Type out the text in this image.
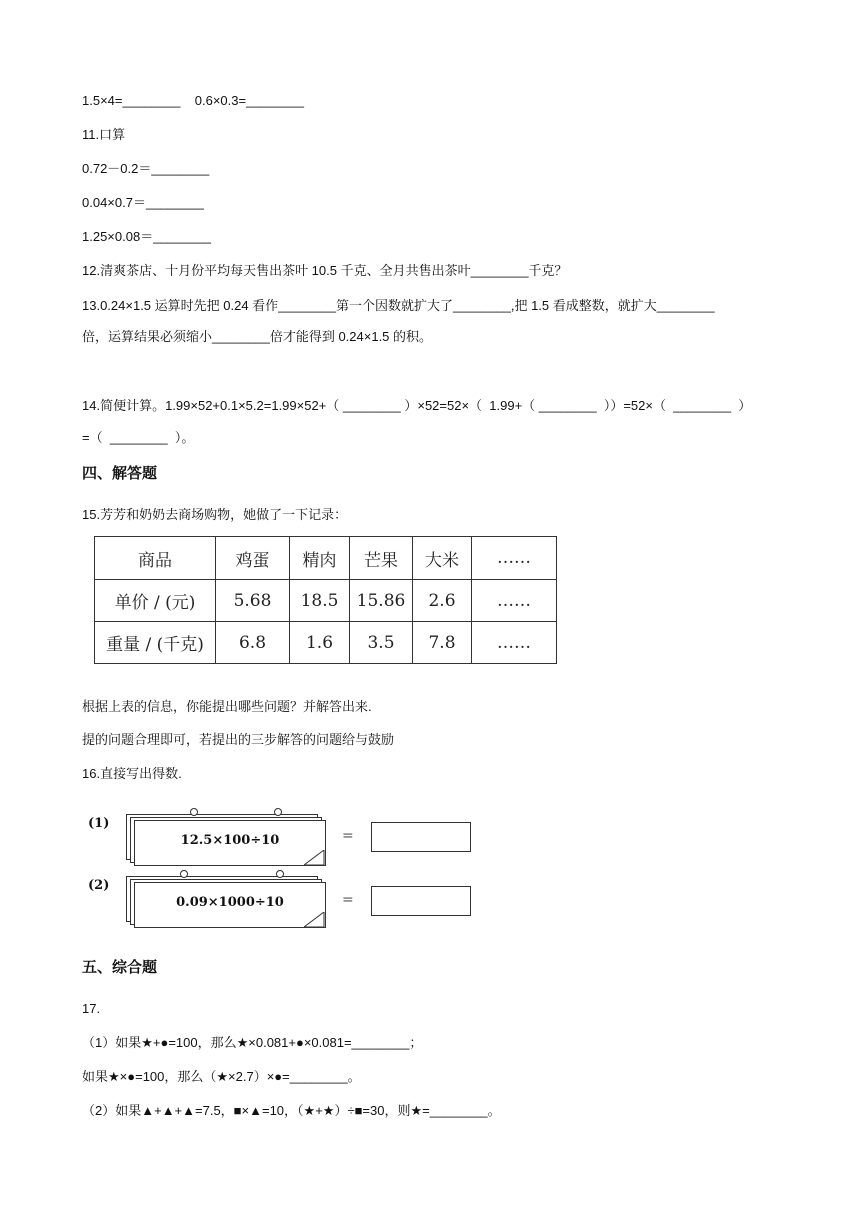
1.5×4=________    0.6×0.3=________
11.口算
0.72－0.2＝________
0.04×0.7＝________
1.25×0.08＝________
12.清爽茶店、十月份平均每天售出茶叶 10.5 千克、全月共售出茶叶________千克？
13.0.24×1.5 运算时先把 0.24 看作________第一个因数就扩大了________,把 1.5 看成整数，就扩大________
倍，运算结果必须缩小________倍才能得到 0.24×1.5 的积。
14.简便计算。1.99×52+0.1×5.2=1.99×52+（ ________ ）×52=52×（  1.99+（ ________  ））=52×（  ________  ）
=（  ________  ）。
四、解答题
15.芳芳和奶奶去商场购物，她做了一下记录：
商品	鸡蛋	精肉	芒果	大米	……
单价 / (元)	5.68	18.5	15.86	2.6	……
重量 / (千克)	6.8	1.6	3.5	7.8	……
根据上表的信息，你能提出哪些问题？并解答出来.
提的问题合理即可，若提出的三步解答的问题给与鼓励
16.直接写出得数.
(1)
12.5×100÷10	=
(2)
0.09×1000÷10	=
五、综合题
17.
（1）如果★+●=100，那么★×0.081+●×0.081=________；
如果★×●=100，那么（★×2.7）×●=________。
（2）如果▲+▲+▲=7.5，■×▲=10，（★+★）÷■=30，则★=________。
